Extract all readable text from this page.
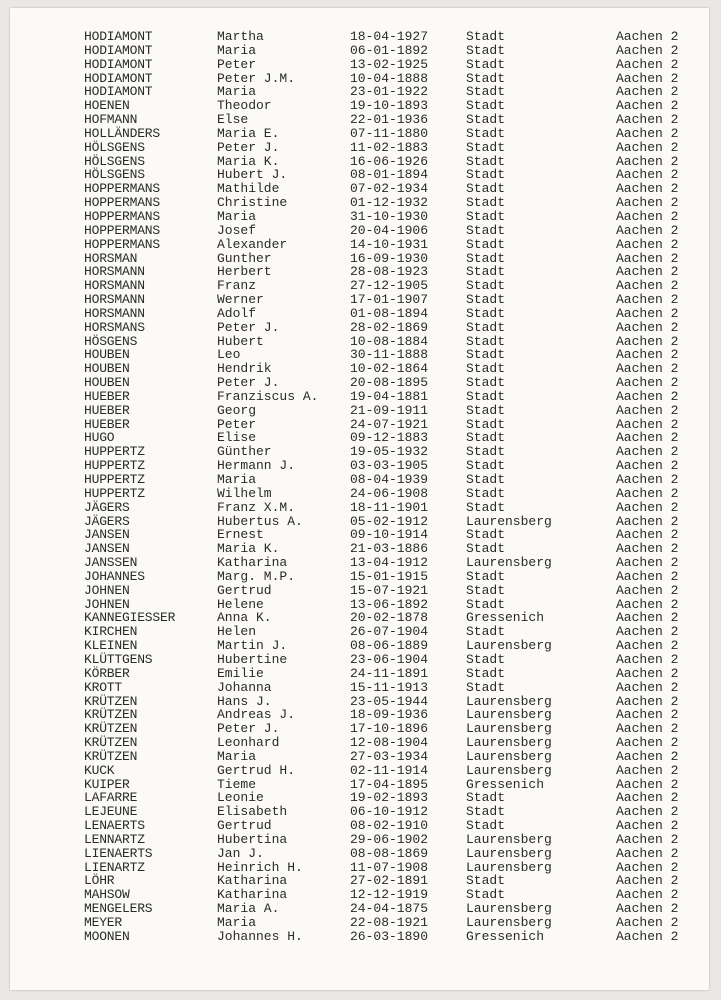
HODIAMONT	Martha	18-04-1927	Stadt	Aachen 2
HODIAMONT	Maria	06-01-1892	Stadt	Aachen 2
HODIAMONT	Peter	13-02-1925	Stadt	Aachen 2
HODIAMONT	Peter J.M.	10-04-1888	Stadt	Aachen 2
HODIAMONT	Maria	23-01-1922	Stadt	Aachen 2
HOENEN	Theodor	19-10-1893	Stadt	Aachen 2
HOFMANN	Else	22-01-1936	Stadt	Aachen 2
HOLLÄNDERS	Maria E.	07-11-1880	Stadt	Aachen 2
HÖLSGENS	Peter J.	11-02-1883	Stadt	Aachen 2
HÖLSGENS	Maria K.	16-06-1926	Stadt	Aachen 2
HÖLSGENS	Hubert J.	08-01-1894	Stadt	Aachen 2
HOPPERMANS	Mathilde	07-02-1934	Stadt	Aachen 2
HOPPERMANS	Christine	01-12-1932	Stadt	Aachen 2
HOPPERMANS	Maria	31-10-1930	Stadt	Aachen 2
HOPPERMANS	Josef	20-04-1906	Stadt	Aachen 2
HOPPERMANS	Alexander	14-10-1931	Stadt	Aachen 2
HORSMAN	Gunther	16-09-1930	Stadt	Aachen 2
HORSMANN	Herbert	28-08-1923	Stadt	Aachen 2
HORSMANN	Franz	27-12-1905	Stadt	Aachen 2
HORSMANN	Werner	17-01-1907	Stadt	Aachen 2
HORSMANN	Adolf	01-08-1894	Stadt	Aachen 2
HORSMANS	Peter J.	28-02-1869	Stadt	Aachen 2
HÖSGENS	Hubert	10-08-1884	Stadt	Aachen 2
HOUBEN	Leo	30-11-1888	Stadt	Aachen 2
HOUBEN	Hendrik	10-02-1864	Stadt	Aachen 2
HOUBEN	Peter J.	20-08-1895	Stadt	Aachen 2
HUEBER	Franziscus A. 19-04-1881	Stadt	Aachen 2
HUEBER	Georg	21-09-1911	Stadt	Aachen 2
HUEBER	Peter	24-07-1921	Stadt	Aachen 2
HUGO	Elise	09-12-1883	Stadt	Aachen 2
HUPPERTZ	Günther	19-05-1932	Stadt	Aachen 2
HUPPERTZ	Hermann J.	03-03-1905	Stadt	Aachen 2
HUPPERTZ	Maria	08-04-1939	Stadt	Aachen 2
HUPPERTZ	Wilhelm	24-06-1908	Stadt	Aachen 2
JÄGERS	Franz X.M.	18-11-1901	Stadt	Aachen 2
JÄGERS	Hubertus A.	05-02-1912	Laurensberg	Aachen 2
JANSEN	Ernest	09-10-1914	Stadt	Aachen 2
JANSEN	Maria K.	21-03-1886	Stadt	Aachen 2
JANSSEN	Katharina	13-04-1912	Laurensberg	Aachen 2
JOHANNES	Marg. M.P.	15-01-1915	Stadt	Aachen 2
JOHNEN	Gertrud	15-07-1921	Stadt	Aachen 2
JOHNEN	Helene	13-06-1892	Stadt	Aachen 2
KANNEGIESSER	Anna K.	20-02-1878	Gressenich	Aachen 2
KIRCHEN	Helen	26-07-1904	Stadt	Aachen 2
KLEINEN	Martin J.	08-06-1889	Laurensberg	Aachen 2
KLÜTTGENS	Hubertine	23-06-1904	Stadt	Aachen 2
KÖRBER	Emilie	24-11-1891	Stadt	Aachen 2
KROTT	Johanna	15-11-1913	Stadt	Aachen 2
KRÜTZEN	Hans J.	23-05-1944	Laurensberg	Aachen 2
KRÜTZEN	Andreas J.	18-09-1936	Laurensberg	Aachen 2
KRÜTZEN	Peter J.	17-10-1896	Laurensberg	Aachen 2
KRÜTZEN	Leonhard	12-08-1904	Laurensberg	Aachen 2
KRÜTZEN	Maria	27-03-1934	Laurensberg	Aachen 2
KUCK	Gertrud H.	02-11-1914	Laurensberg	Aachen 2
KUIPER	Tieme	17-04-1895	Gressenich	Aachen 2
LAFARRE	Leonie	19-02-1893	Stadt	Aachen 2
LEJEUNE	Elisabeth	06-10-1912	Stadt	Aachen 2
LENAERTS	Gertrud	08-02-1910	Stadt	Aachen 2
LENNARTZ	Hubertina	29-06-1902	Laurensberg	Aachen 2
LIENAERTS	Jan J.	08-08-1869	Laurensberg	Aachen 2
LIENARTZ	Heinrich H.	11-07-1908	Laurensberg	Aachen 2
LÖHR	Katharina	27-02-1891	Stadt	Aachen 2
MAHSOW	Katharina	12-12-1919	Stadt	Aachen 2
MENGELERS	Maria A.	24-04-1875	Laurensberg	Aachen 2
MEYER	Maria	22-08-1921	Laurensberg	Aachen 2
MOONEN	Johannes H.	26-03-1890	Gressenich	Aachen 2
